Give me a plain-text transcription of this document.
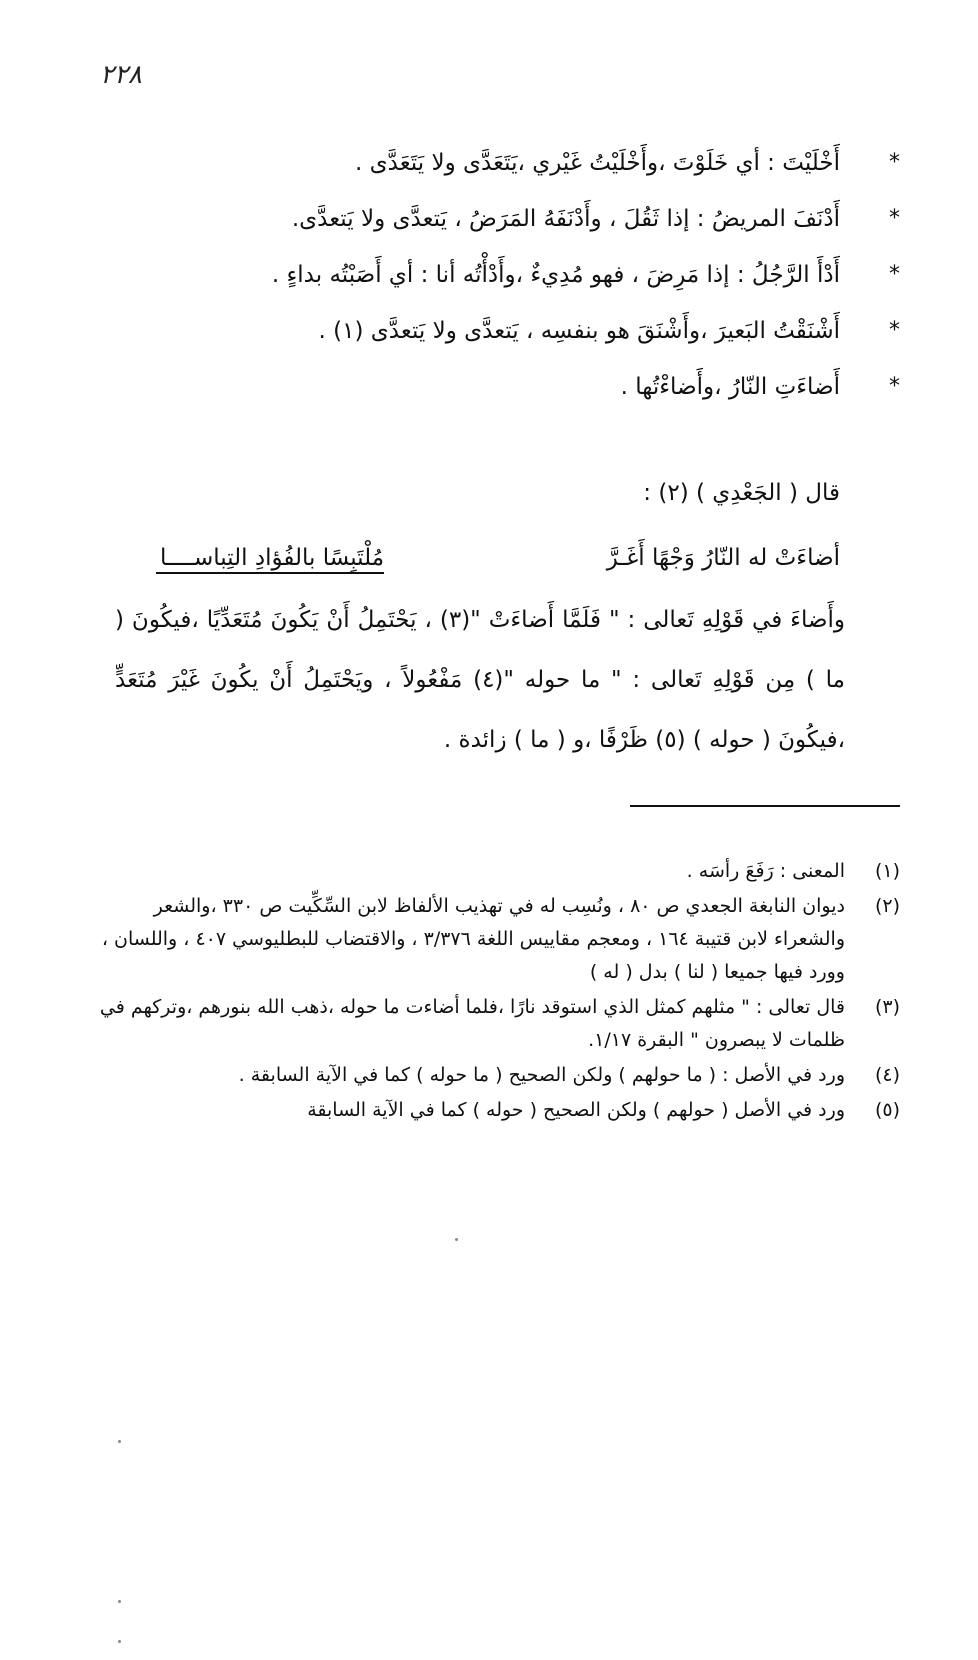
٢٢٨
*
أَخْلَيْتَ : أي خَلَوْتَ ،وأَخْلَيْتُ غَيْري ،يَتَعَدَّى ولا يَتَعَدَّى .
*
أَدْنَفَ المريضُ : إذا ثَقُلَ ، وأَدْنَفَهُ المَرَضُ ، يَتعدَّى ولا يَتعدَّى.
*
أَدْأَ الرَّجُلُ : إذا مَرِضَ ، فهو مُدِيءٌ ،وأَدْأْتُه أنا : أي أَصَبْتُه بداءٍ .
*
أَشْنَقْتُ البَعيرَ ،وأَشْنَقَ هو بنفسِه ، يَتعدَّى ولا يَتعدَّى (١) .
*
أَضاءَتِ النّارُ ،وأَضاءْتُها .
قال ( الجَعْدِي ) (٢) :
أضاءَتْ له النّارُ وَجْهًا أَغَـرَّ
مُلْتَبِسًا بالفُؤادِ التِباســــا
وأَضاءَ في قَوْلِهِ تَعالى : " فَلَمَّا أَضاءَتْ "(٣) ، يَحْتَمِلُ أَنْ يَكُونَ مُتَعَدِّيًا ،فيكُونَ ( ما ) مِن قَوْلِهِ تَعالى : " ما حوله "(٤) مَفْعُولاً ، ويَحْتَمِلُ أَنْ يكُونَ غَيْرَ مُتَعَدٍّ ،فيكُونَ ( حوله ) (٥) ظَرْفًا ،و ( ما ) زائدة .
(١)
المعنى : رَفَعَ رأسَه .
(٢)
ديوان النابغة الجعدي ص ٨٠ ، ونُسِب له في تهذيب الألفاظ لابن السِّكِّيت ص ٣٣٠ ،والشعر والشعراء لابن قتيبة ١٦٤ ، ومعجم مقاييس اللغة ٣/٣٧٦ ، والاقتضاب للبطليوسي ٤٠٧ ، واللسان ، وورد فيها جميعا ( لنا ) بدل ( له )
(٣)
قال تعالى : " مثلهم كمثل الذي استوقد نارًا ،فلما أضاءت ما حوله ،ذهب الله بنورهم ،وتركهم في ظلمات لا يبصرون " البقرة ١/١٧.
(٤)
ورد في الأصل : ( ما حولهم ) ولكن الصحيح ( ما حوله ) كما في الآية السابقة .
(٥)
ورد في الأصل ( حولهم ) ولكن الصحيح ( حوله ) كما في الآية السابقة
